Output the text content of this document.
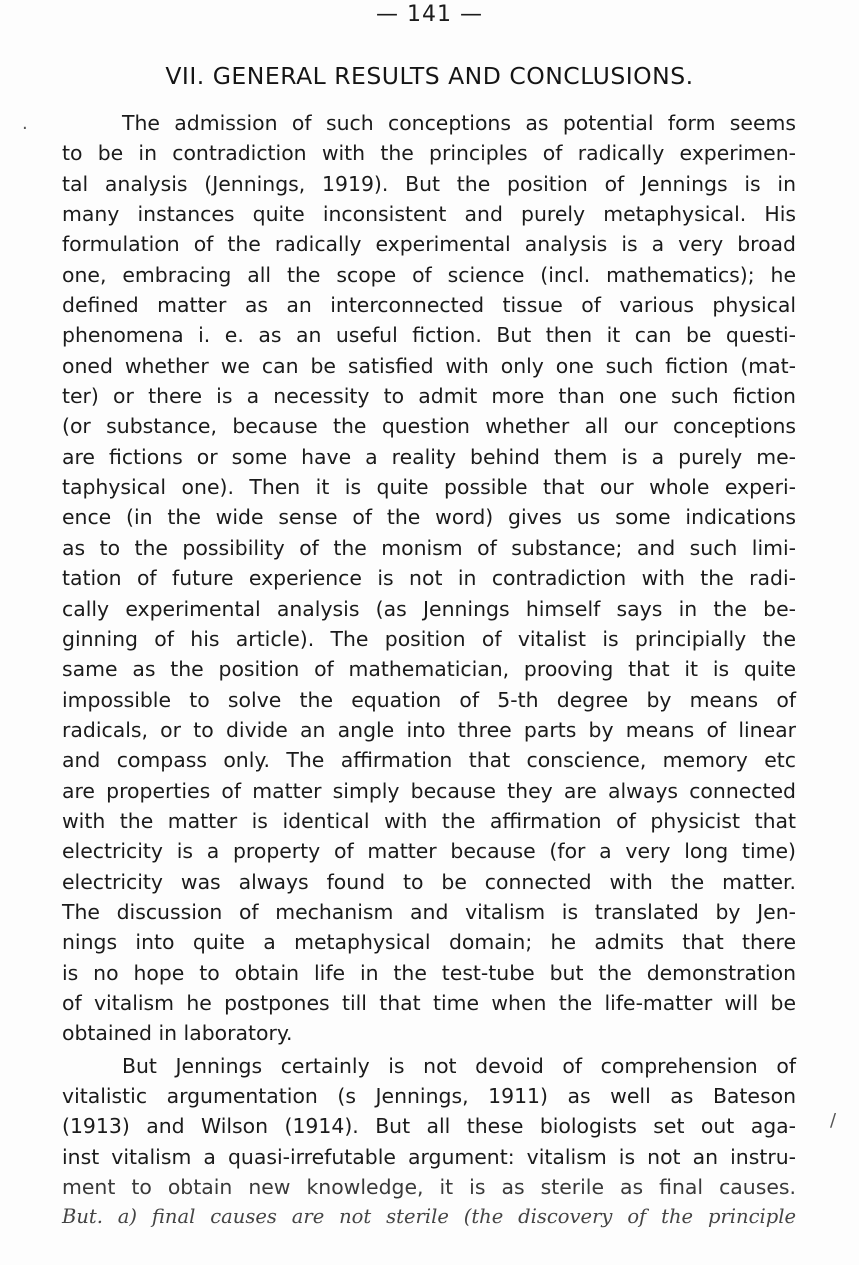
— 141 —
VII. GENERAL RESULTS AND CONCLUSIONS.
The admission of such conceptions as potential form seems
to be in contradiction with the principles of radically experimen-
tal analysis (Jennings, 1919). But the position of Jennings is in
many instances quite inconsistent and purely metaphysical. His
formulation of the radically experimental analysis is a very broad
one, embracing all the scope of science (incl. mathematics); he
defined matter as an interconnected tissue of various physical
phenomena i. e. as an useful fiction. But then it can be questi-
oned whether we can be satisfied with only one such fiction (mat-
ter) or there is a necessity to admit more than one such fiction
(or substance, because the question whether all our conceptions
are fictions or some have a reality behind them is a purely me-
taphysical one). Then it is quite possible that our whole experi-
ence (in the wide sense of the word) gives us some indications
as to the possibility of the monism of substance; and such limi-
tation of future experience is not in contradiction with the radi-
cally experimental analysis (as Jennings himself says in the be-
ginning of his article). The position of vitalist is principially the
same as the position of mathematician, prooving that it is quite
impossible to solve the equation of 5-th degree by means of
radicals, or to divide an angle into three parts by means of linear
and compass only. The affirmation that conscience, memory etc
are properties of matter simply because they are always connected
with the matter is identical with the affirmation of physicist that
electricity is a property of matter because (for a very long time)
electricity was always found to be connected with the matter.
The discussion of mechanism and vitalism is translated by Jen-
nings into quite a metaphysical domain; he admits that there
is no hope to obtain life in the test-tube but the demonstration
of vitalism he postpones till that time when the life-matter will be
obtained in laboratory.
But Jennings certainly is not devoid of comprehension of
vitalistic argumentation (s Jennings, 1911) as well as Bateson
(1913) and Wilson (1914). But all these biologists set out aga-
inst vitalism a quasi-irrefutable argument: vitalism is not an instru-
ment to obtain new knowledge, it is as sterile as final causes.
But. a) final causes are not sterile (the discovery of the principle
·
/
